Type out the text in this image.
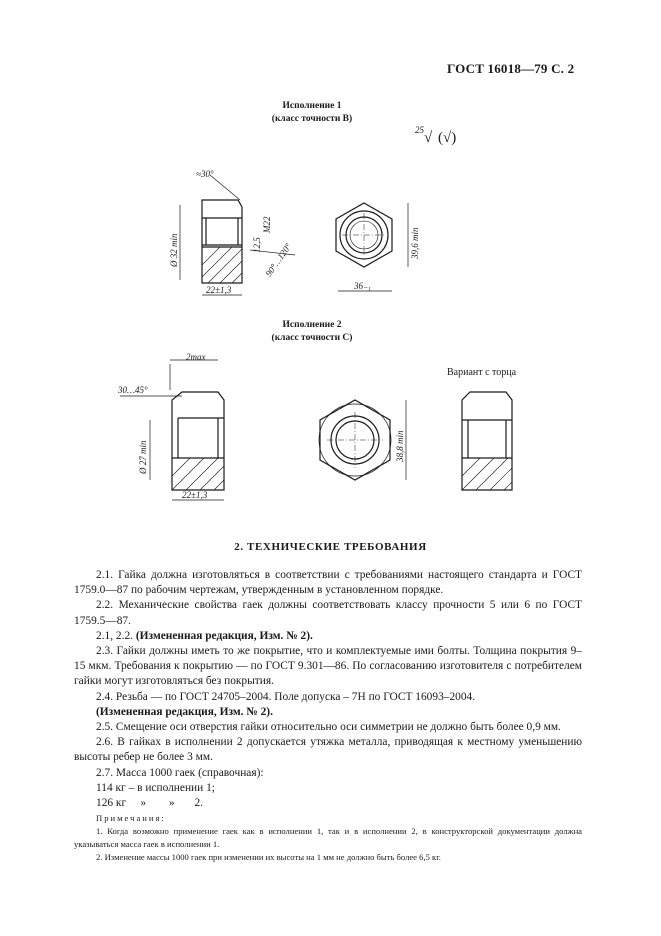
ГОСТ 16018—79 С. 2
Исполнение 1
(класс точности В)
$^{25}$√ (√)
≈30°
Ø 32 min
M22
12,5 90°…120°
22±1,3	36₋₁
39,6 min
Исполнение 2
(класс точности С)
Вариант с торца
2max
30…45°
Ø 27 min
22±1,3
38,8 min
2. ТЕХНИЧЕСКИЕ ТРЕБОВАНИЯ

2.1. Гайка должна изготовляться в соответствии с требованиями настоящего стандарта и ГОСТ 1759.0—87 по рабочим чертежам, утвержденным в установленном порядке.

2.2. Механические свойства гаек должны соответствовать классу прочности 5 или 6 по ГОСТ 1759.5—87.

2.1, 2.2. (Измененная редакция, Изм. № 2).

2.3. Гайки должны иметь то же покрытие, что и комплектуемые ими болты. Толщина покрытия 9–15 мкм. Требования к покрытию — по ГОСТ 9.301—86. По согласованию изготовителя с потребителем гайки могут изготовляться без покрытия.

2.4. Резьба — по ГОСТ 24705–2004. Поле допуска – 7Н по ГОСТ 16093–2004.

(Измененная редакция, Изм. № 2).

2.5. Смещение оси отверстия гайки относительно оси симметрии не должно быть более 0,9 мм.

2.6. В гайках в исполнении 2 допускается утяжка металла, приводящая к местному уменьшению высоты ребер не более 3 мм.

2.7. Масса 1000 гаек (справочная):

114 кг – в исполнении 1;

126 кг     »        »       2.

Примечания:

1. Когда возможно применение гаек как в исполнении 1, так и в исполнении 2, в конструкторской документации должна указываться масса гаек в исполнении 1.

2. Изменение массы 1000 гаек при изменении их высоты на 1 мм не должно быть более 6,5 кг.
